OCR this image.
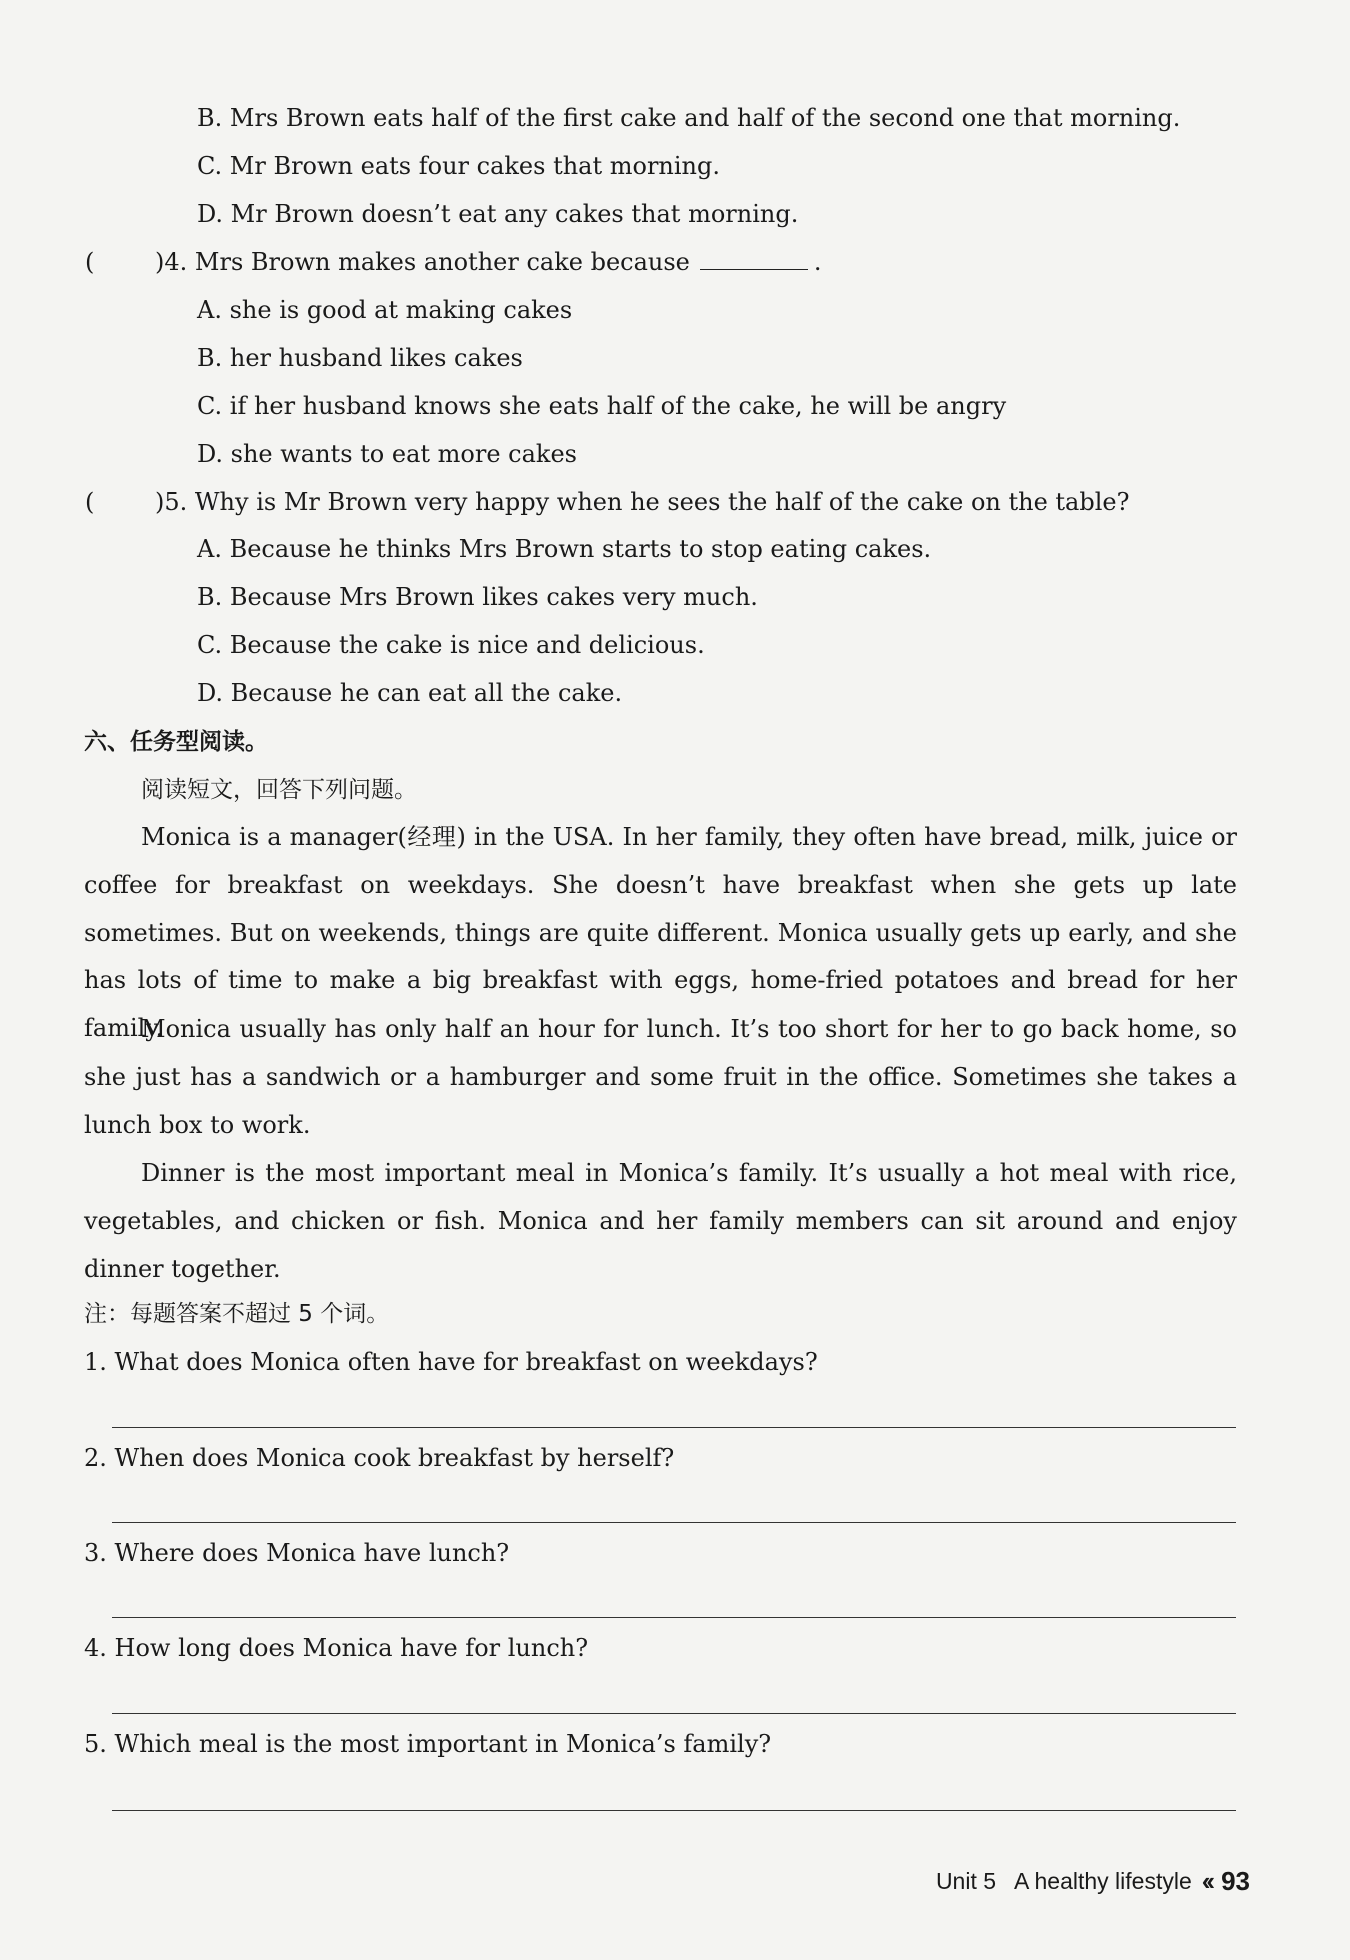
B. Mrs Brown eats half of the first cake and half of the second one that morning.
C. Mr Brown eats four cakes that morning.
D. Mr Brown doesn’t eat any cakes that morning.
(	)4. Mrs Brown makes another cake because	.
A. she is good at making cakes
B. her husband likes cakes
C. if her husband knows she eats half of the cake, he will be angry
D. she wants to eat more cakes
(	)5. Why is Mr Brown very happy when he sees the half of the cake on the table?
A. Because he thinks Mrs Brown starts to stop eating cakes.
B. Because Mrs Brown likes cakes very much.
C. Because the cake is nice and delicious.
D. Because he can eat all the cake.
六、任务型阅读。
阅读短文，回答下列问题。
Monica is a manager(经理) in the USA. In her family, they often have bread, milk, juice or coffee for breakfast on weekdays. She doesn’t have breakfast when she gets up late sometimes. But on weekends, things are quite different. Monica usually gets up early, and she has lots of time to make a big breakfast with eggs, home-fried potatoes and bread for her family.
Monica usually has only half an hour for lunch. It’s too short for her to go back home, so she just has a sandwich or a hamburger and some fruit in the office. Sometimes she takes a lunch box to work.
Dinner is the most important meal in Monica’s family. It’s usually a hot meal with rice, vegetables, and chicken or fish. Monica and her family members can sit around and enjoy dinner together.
注：每题答案不超过 5 个词。
1. What does Monica often have for breakfast on weekdays?
2. When does Monica cook breakfast by herself?
3. Where does Monica have lunch?
4. How long does Monica have for lunch?
5. Which meal is the most important in Monica’s family?
Unit 5 A healthy lifestyle ‹‹ 93
